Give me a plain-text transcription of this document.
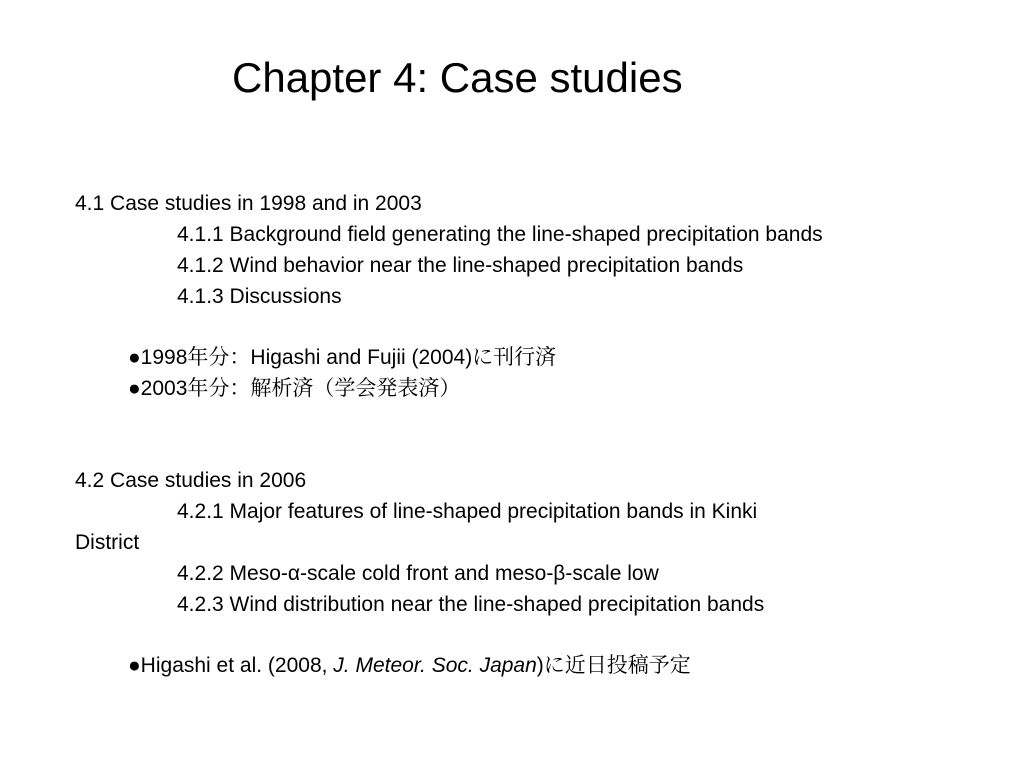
Chapter 4: Case studies
4.1 Case studies in 1998 and in 2003
4.1.1 Background field generating the line-shaped precipitation bands
4.1.2 Wind behavior near the line-shaped precipitation bands
4.1.3 Discussions
●1998年分：Higashi and Fujii (2004)に刊行済
●2003年分：解析済（学会発表済）
4.2 Case studies in 2006
4.2.1 Major features of line-shaped precipitation bands in Kinki
District
4.2.2 Meso-α-scale cold front and meso-β-scale low
4.2.3 Wind distribution near the line-shaped precipitation bands
●Higashi et al. (2008, J. Meteor. Soc. Japan)に近日投稿予定
